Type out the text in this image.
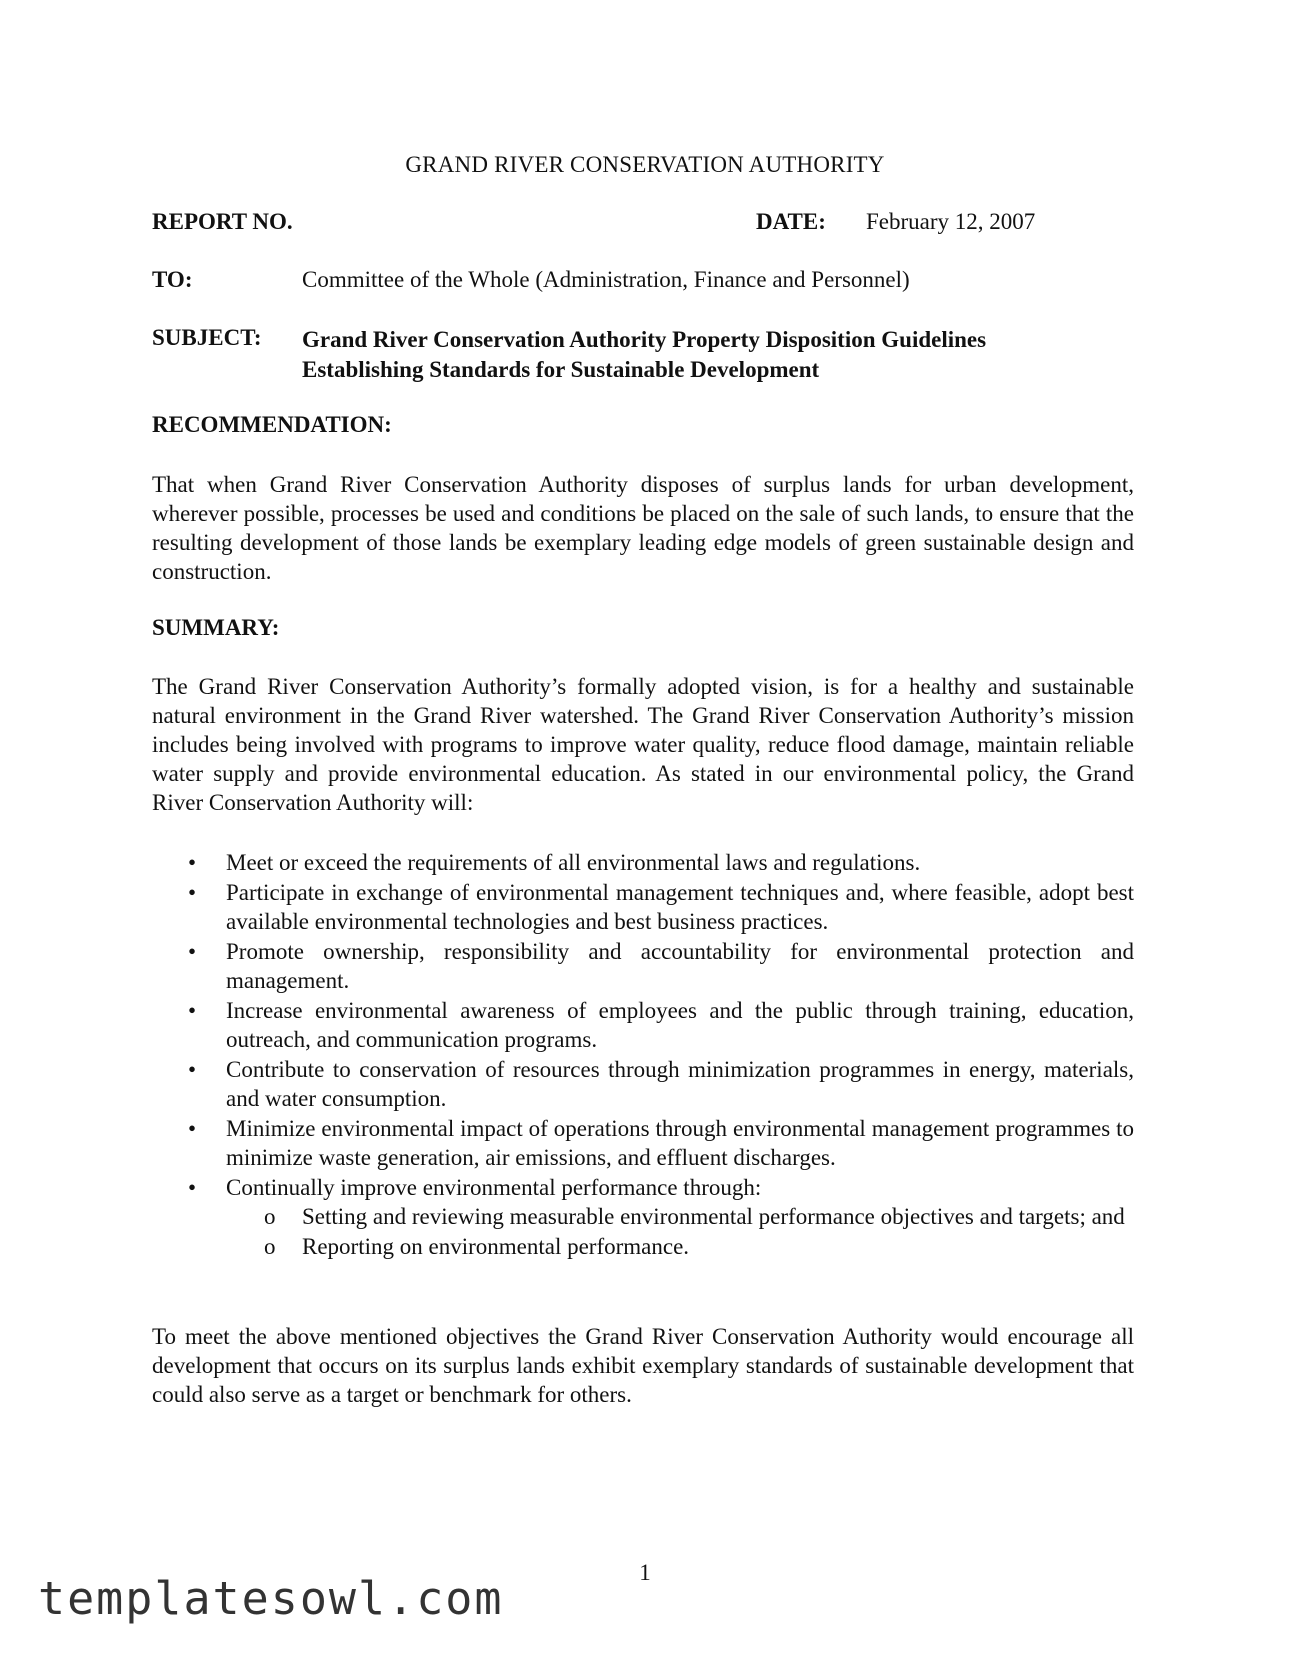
GRAND RIVER CONSERVATION AUTHORITY
REPORT NO.	DATE: February 12, 2007
TO:	Committee of the Whole (Administration, Finance and Personnel)
SUBJECT: Grand River Conservation Authority Property Disposition Guidelines
Establishing Standards for Sustainable Development
RECOMMENDATION:
That when Grand River Conservation Authority disposes of surplus lands for urban development, wherever possible, processes be used and conditions be placed on the sale of such lands, to ensure that the resulting development of those lands be exemplary leading edge models of green sustainable design and construction.
SUMMARY:
The Grand River Conservation Authority’s formally adopted vision, is for a healthy and sustainable natural environment in the Grand River watershed. The Grand River Conservation Authority’s mission includes being involved with programs to improve water quality, reduce flood damage, maintain reliable water supply and provide environmental education. As stated in our environmental policy, the Grand River Conservation Authority will:
• Meet or exceed the requirements of all environmental laws and regulations.
• Participate in exchange of environmental management techniques and, where feasible, adopt best available environmental technologies and best business practices.
• Promote ownership, responsibility and accountability for environmental protection and management.
• Increase environmental awareness of employees and the public through training, education, outreach, and communication programs.
• Contribute to conservation of resources through minimization programmes in energy, materials, and water consumption.
• Minimize environmental impact of operations through environmental management programmes to minimize waste generation, air emissions, and effluent discharges.
• Continually improve environmental performance through:
o Setting and reviewing measurable environmental performance objectives and targets; and
o Reporting on environmental performance.
To meet the above mentioned objectives the Grand River Conservation Authority would encourage all development that occurs on its surplus lands exhibit exemplary standards of sustainable development that could also serve as a target or benchmark for others.
1
templatesowl.com
